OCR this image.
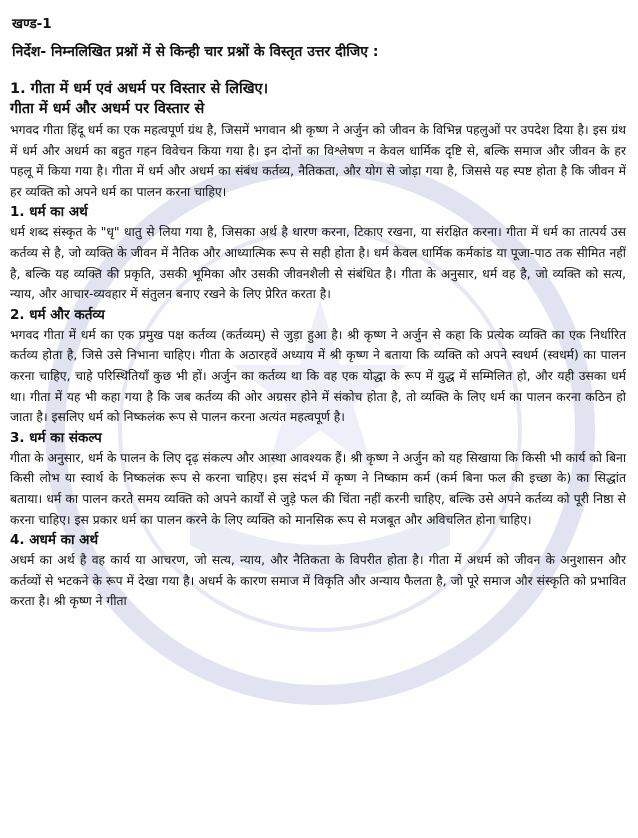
खण्ड-1
निर्देश- निम्नलिखित प्रश्नों में से किन्ही चार प्रश्नों के विस्तृत उत्तर दीजिए :
1. गीता में धर्म एवं अधर्म पर विस्तार से लिखिए।
गीता में धर्म और अधर्म पर विस्तार से

भगवद गीता हिंदू धर्म का एक महत्वपूर्ण ग्रंथ है, जिसमें भगवान श्री कृष्ण ने अर्जुन को जीवन के विभिन्न पहलुओं पर उपदेश दिया है। इस ग्रंथ में धर्म और अधर्म का बहुत गहन विवेचन किया गया है। इन दोनों का विश्लेषण न केवल धार्मिक दृष्टि से, बल्कि समाज और जीवन के हर पहलू में किया गया है। गीता में धर्म और अधर्म का संबंध कर्तव्य, नैतिकता, और योग से जोड़ा गया है, जिससे यह स्पष्ट होता है कि जीवन में हर व्यक्ति को अपने धर्म का पालन करना चाहिए।

1. धर्म का अर्थ

धर्म शब्द संस्कृत के "धृ" धातु से लिया गया है, जिसका अर्थ है धारण करना, टिकाए रखना, या संरक्षित करना। गीता में धर्म का तात्पर्य उस कर्तव्य से है, जो व्यक्ति के जीवन में नैतिक और आध्यात्मिक रूप से सही होता है। धर्म केवल धार्मिक कर्मकांड या पूजा-पाठ तक सीमित नहीं है, बल्कि यह व्यक्ति की प्रकृति, उसकी भूमिका और उसकी जीवनशैली से संबंधित है। गीता के अनुसार, धर्म वह है, जो व्यक्ति को सत्य, न्याय, और आचार-व्यवहार में संतुलन बनाए रखने के लिए प्रेरित करता है।

2. धर्म और कर्तव्य

भगवद गीता में धर्म का एक प्रमुख पक्ष कर्तव्य (कर्तव्यम्) से जुड़ा हुआ है। श्री कृष्ण ने अर्जुन से कहा कि प्रत्येक व्यक्ति का एक निर्धारित कर्तव्य होता है, जिसे उसे निभाना चाहिए। गीता के अठारहवें अध्याय में श्री कृष्ण ने बताया कि व्यक्ति को अपने स्वधर्म (स्वधर्म) का पालन करना चाहिए, चाहे परिस्थितियाँ कुछ भी हों। अर्जुन का कर्तव्य था कि वह एक योद्धा के रूप में युद्ध में सम्मिलित हो, और यही उसका धर्म था। गीता में यह भी कहा गया है कि जब कर्तव्य की ओर अग्रसर होने में संकोच होता है, तो व्यक्ति के लिए धर्म का पालन करना कठिन हो जाता है। इसलिए धर्म को निष्कलंक रूप से पालन करना अत्यंत महत्वपूर्ण है।

3. धर्म का संकल्प

गीता के अनुसार, धर्म के पालन के लिए दृढ़ संकल्प और आस्था आवश्यक हैं। श्री कृष्ण ने अर्जुन को यह सिखाया कि किसी भी कार्य को बिना किसी लोभ या स्वार्थ के निष्कलंक रूप से करना चाहिए। इस संदर्भ में कृष्ण ने निष्काम कर्म (कर्म बिना फल की इच्छा के) का सिद्धांत बताया। धर्म का पालन करते समय व्यक्ति को अपने कार्यों से जुड़े फल की चिंता नहीं करनी चाहिए, बल्कि उसे अपने कर्तव्य को पूरी निष्ठा से करना चाहिए। इस प्रकार धर्म का पालन करने के लिए व्यक्ति को मानसिक रूप से मजबूत और अविचलित होना चाहिए।

4. अधर्म का अर्थ

अधर्म का अर्थ है वह कार्य या आचरण, जो सत्य, न्याय, और नैतिकता के विपरीत होता है। गीता में अधर्म को जीवन के अनुशासन और कर्तव्यों से भटकने के रूप में देखा गया है। अधर्म के कारण समाज में विकृति और अन्याय फैलता है, जो पूरे समाज और संस्कृति को प्रभावित करता है। श्री कृष्ण ने गीता
